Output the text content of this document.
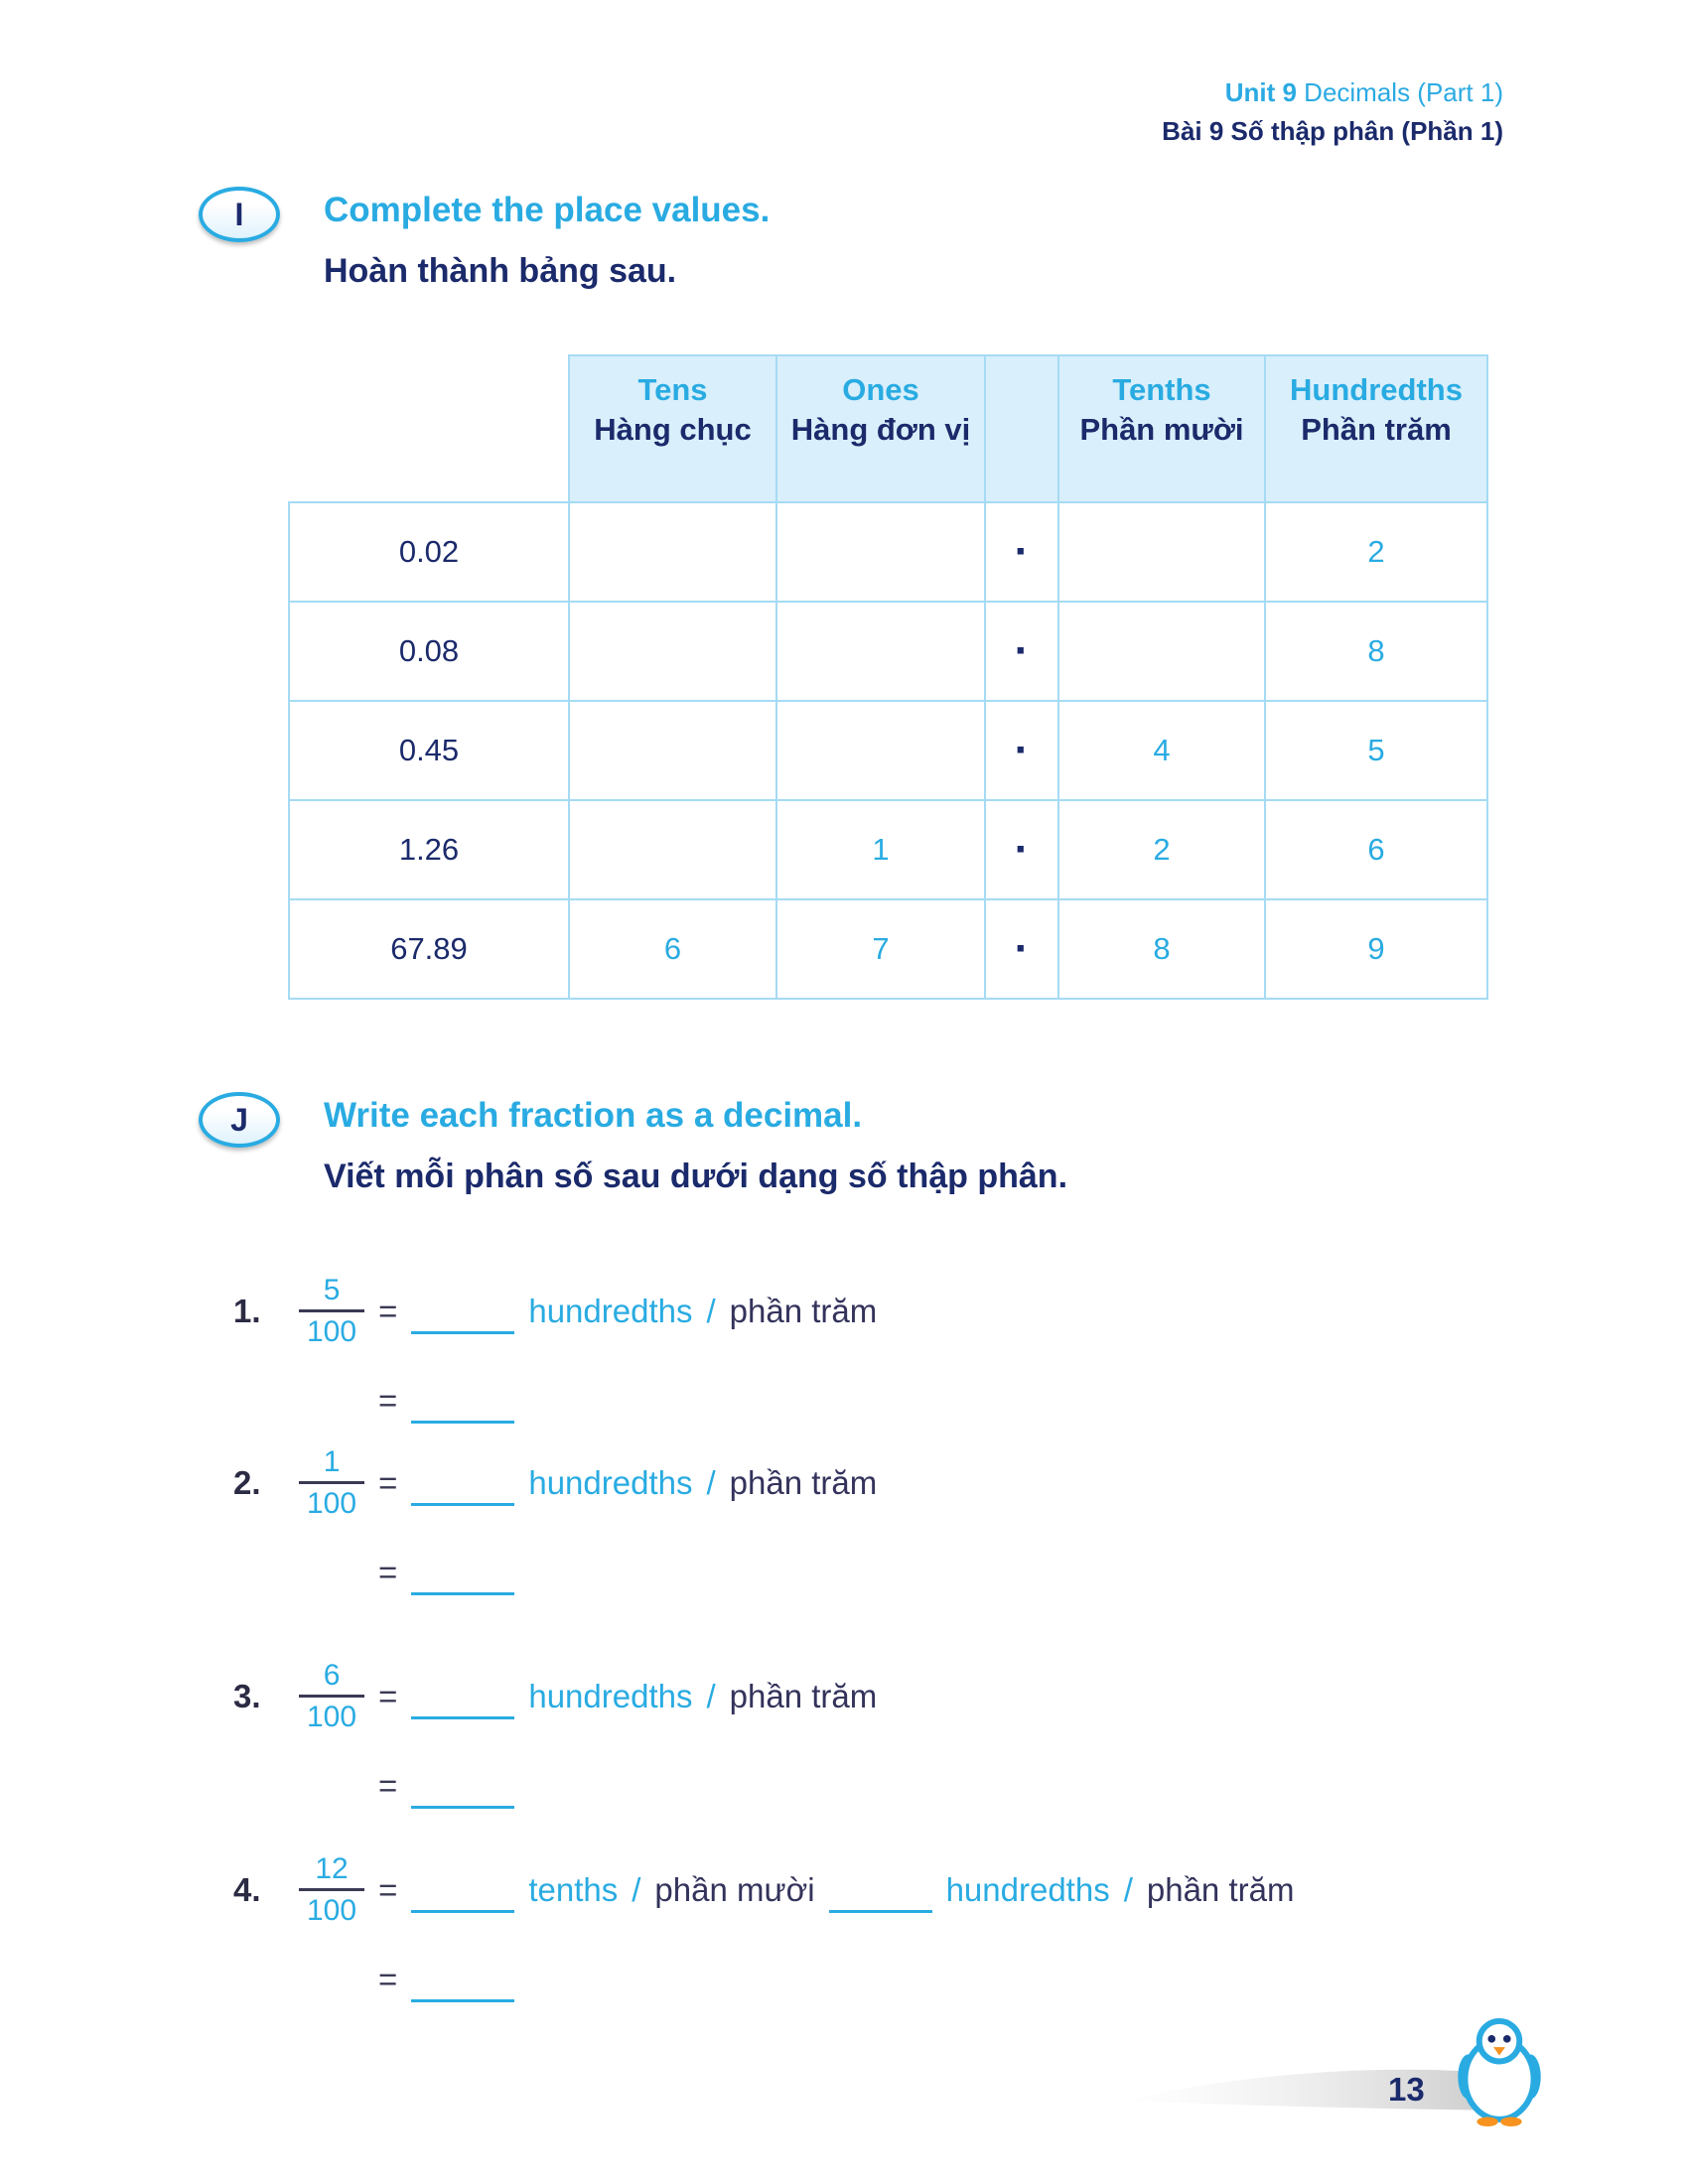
Unit 9 Decimals (Part 1)
Bài 9 Số thập phân (Phần 1)
I	Complete the place values.
Hoàn thành bảng sau.

	Tens
Hàng chục	Ones
Hàng đơn vị		Tenths
Phần mười	Hundredths
Phần trăm

0.02			·		2
0.08			·		8
0.45			·	4	5
1.26		1	·	2	6
67.89	6	7	·	8	9
J	Write each fraction as a decimal.
Viết mỗi phân số sau dưới dạng số thập phân.
1.	$\frac{5}{100}$ =	hundredths / phần trăm
=
2.	$\frac{1}{100}$ =	hundredths / phần trăm
=
3.	$\frac{6}{100}$ =	hundredths / phần trăm
=
4.	$\frac{12}{100}$ =	tenths / phần mười	hundredths / phần trăm
=
13
